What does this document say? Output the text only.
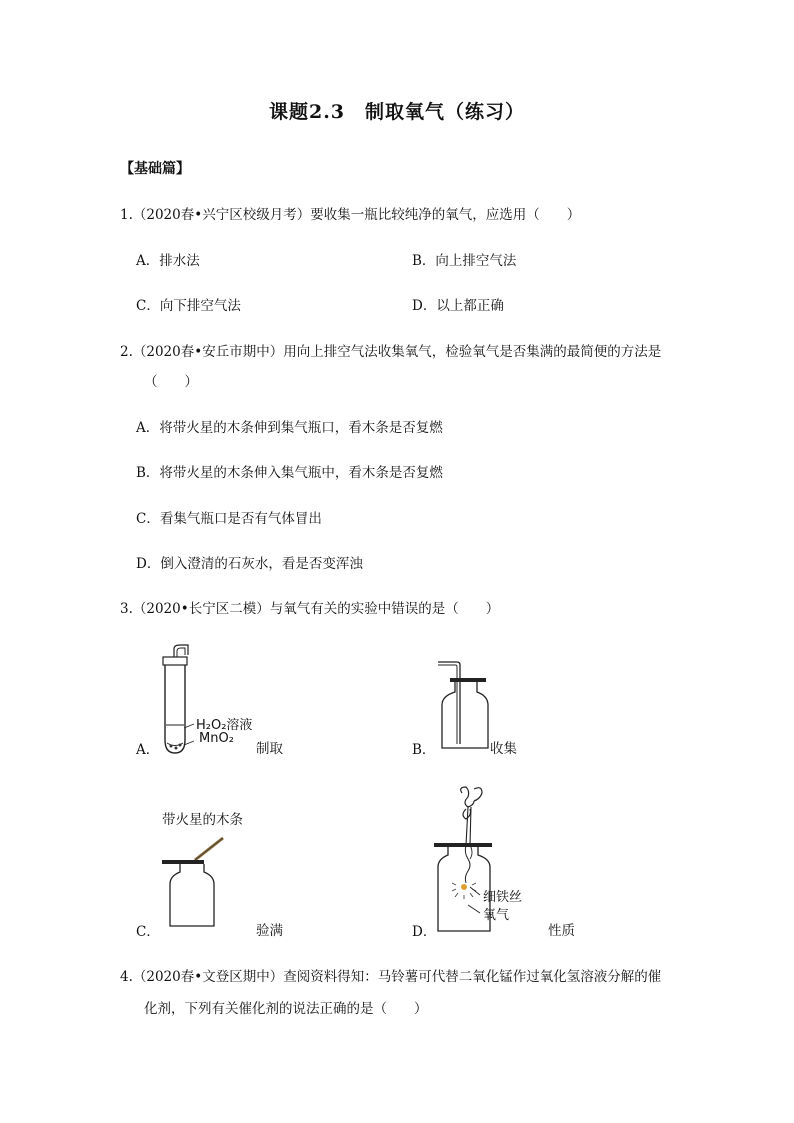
课题2.3　制取氧气（练习）
【基础篇】
1.（2020春•兴宁区校级月考）要收集一瓶比较纯净的氧气，应选用（　　）
A．排水法	B．向上排空气法
C．向下排空气法	D．以上都正确
2.（2020春•安丘市期中）用向上排空气法收集氧气，检验氧气是否集满的最简便的方法是
（　　）
A．将带火星的木条伸到集气瓶口，看木条是否复燃
B．将带火星的木条伸入集气瓶中，看木条是否复燃
C．看集气瓶口是否有气体冒出
D．倒入澄清的石灰水，看是否变浑浊
3.（2020•长宁区二模）与氧气有关的实验中错误的是（　　）
H₂O₂溶液
MnO₂
A．	制取	B．	收集
带火星的木条
C．	验满
细铁丝
氧气
D．	性质
4.（2020春•文登区期中）查阅资料得知：马铃薯可代替二氧化锰作过氧化氢溶液分解的催
化剂，下列有关催化剂的说法正确的是（　　）
